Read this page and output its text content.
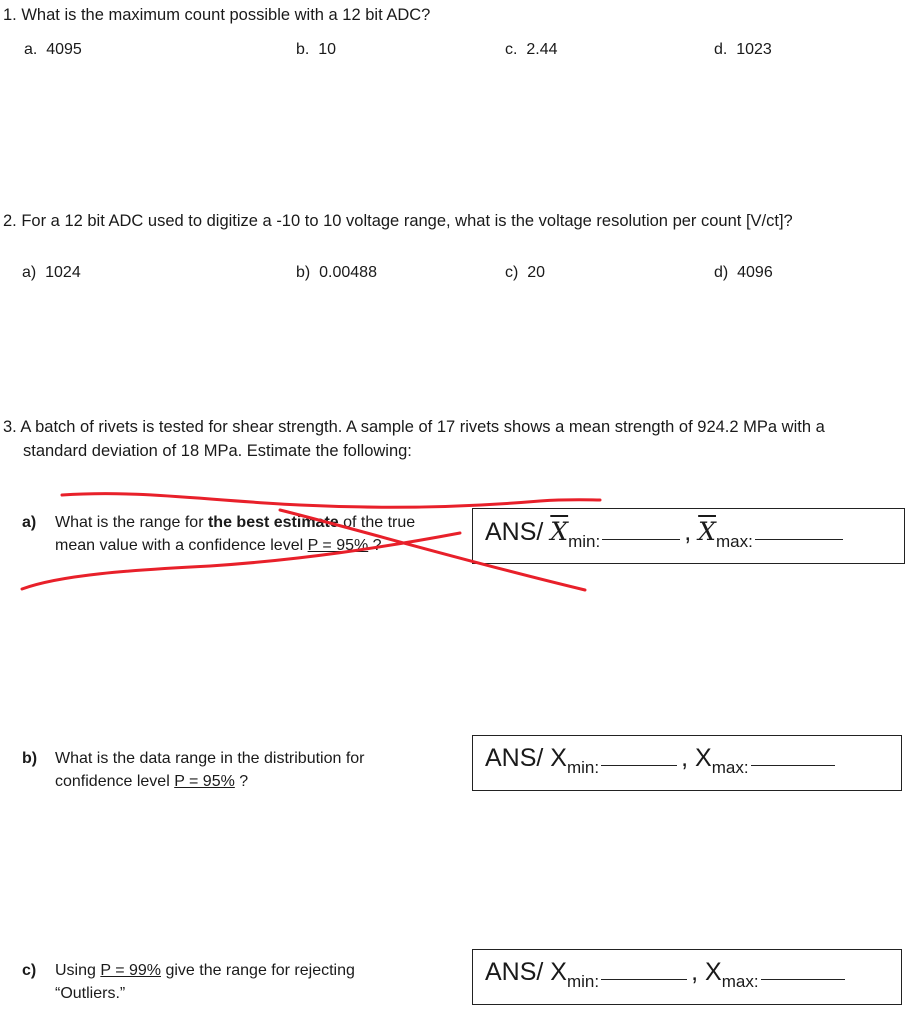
1. What is the maximum count possible with a 12 bit ADC?
a. 4095	b. 10	c. 2.44	d. 1023
2. For a 12 bit ADC used to digitize a -10 to 10 voltage range, what is the voltage resolution per count [V/ct]?
a) 1024	b) 0.00488	c) 20	d) 4096
3. A batch of rivets is tested for shear strength. A sample of 17 rivets shows a mean strength of 924.2 MPa with a
standard deviation of 18 MPa. Estimate the following:
a) What is the range for the best estimate of the true
mean value with a confidence level P = 95% ?	ANS/ $\overline{X}_{min:}$	, $\overline{X}_{max:}$
b) What is the data range in the distribution for
confidence level P = 95% ?
ANS/ $X_{min:}$	, $X_{max:}$
c) Using P = 99% give the range for rejecting
“Outliers.”
ANS/ $X_{min:}$	, $X_{max:}$
